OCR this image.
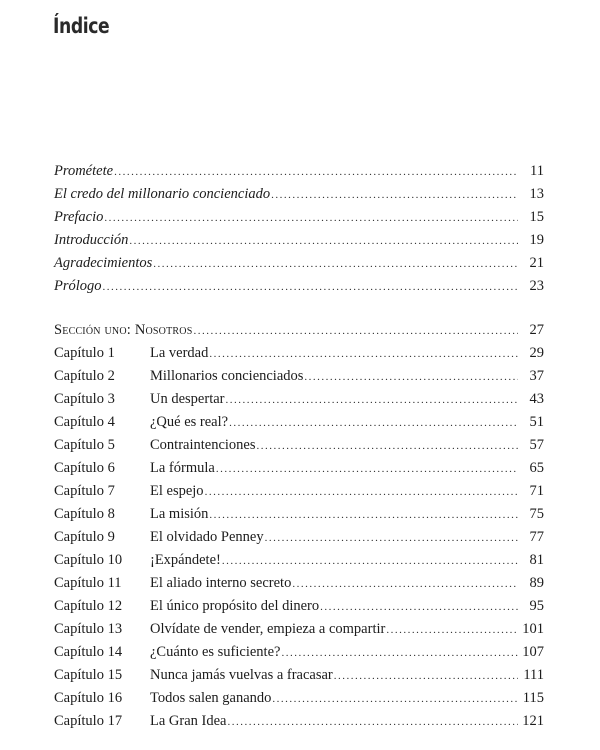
Índice
Prométete .....	11
El credo del millonario concienciado .....	13
Prefacio .....	15
Introducción .....	19
Agradecimientos .....	21
Prólogo .....	23
Sección uno: Nosotros .....	27
Capítulo 1	La verdad .....	29
Capítulo 2	Millonarios concienciados .....	37
Capítulo 3	Un despertar .....	43
Capítulo 4	¿Qué es real? .....	51
Capítulo 5	Contraintenciones .....	57
Capítulo 6	La fórmula .....	65
Capítulo 7	El espejo .....	71
Capítulo 8	La misión .....	75
Capítulo 9	El olvidado Penney .....	77
Capítulo 10	¡Expándete! .....	81
Capítulo 11	El aliado interno secreto .....	89
Capítulo 12	El único propósito del dinero .....	95
Capítulo 13	Olvídate de vender, empieza a compartir .....	101
Capítulo 14	¿Cuánto es suficiente? .....	107
Capítulo 15	Nunca jamás vuelvas a fracasar .....	111
Capítulo 16	Todos salen ganando .....	115
Capítulo 17	La Gran Idea .....	121
